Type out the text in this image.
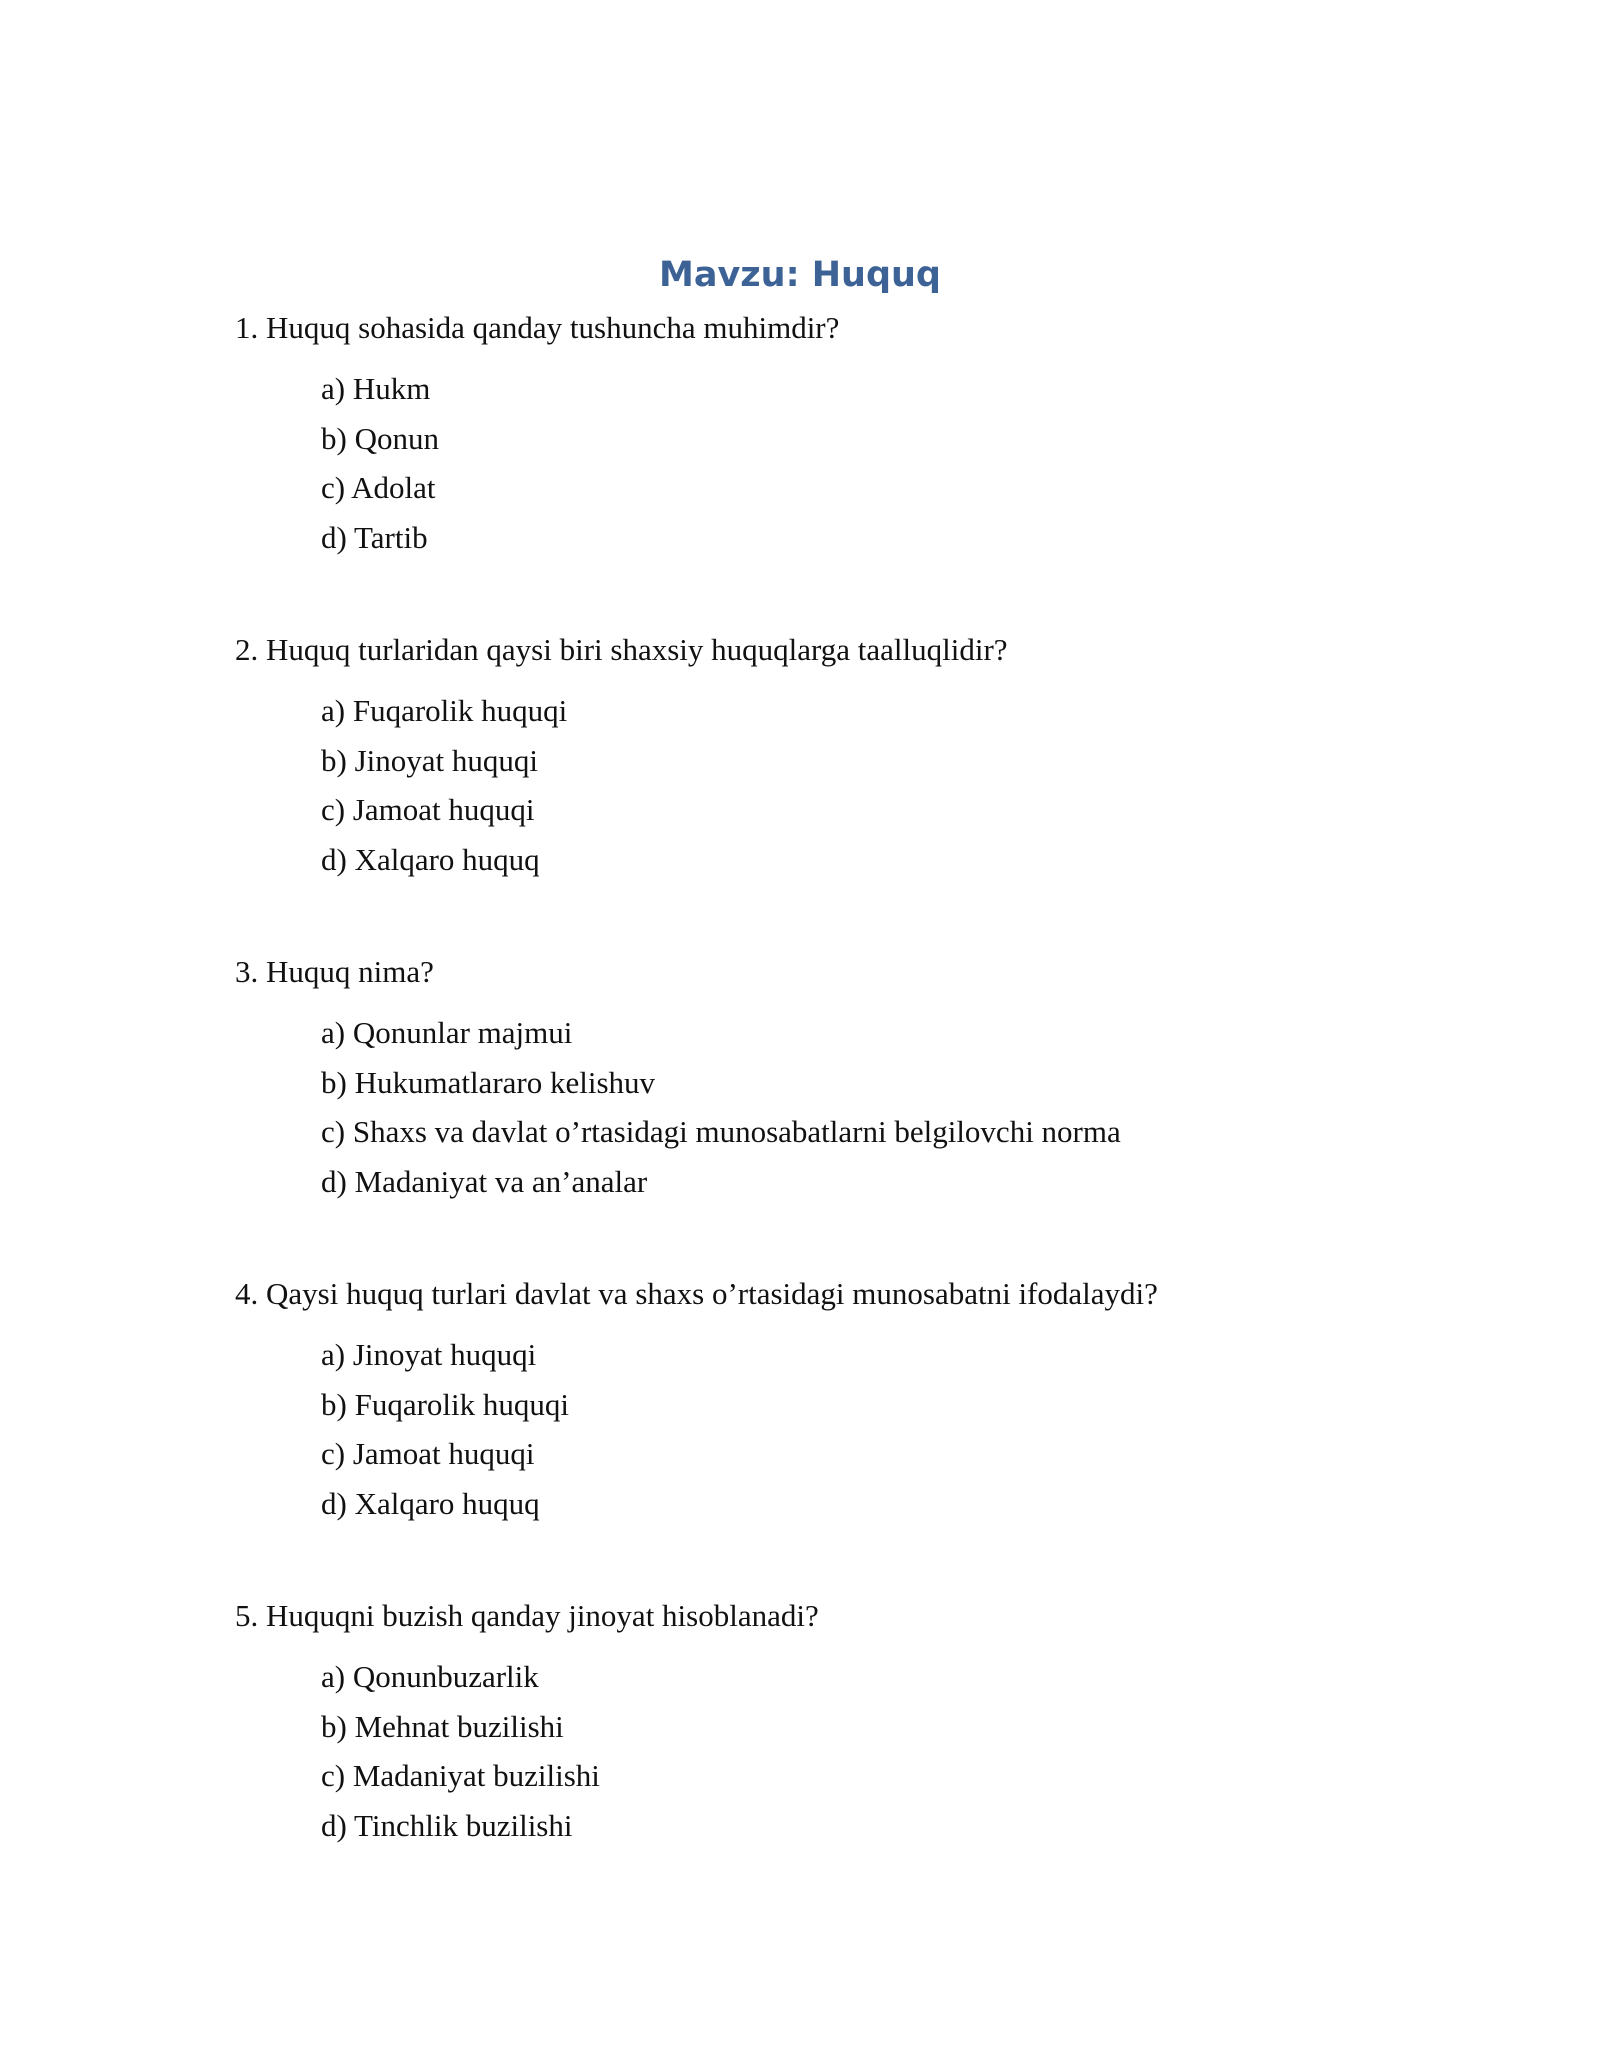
Mavzu: Huquq

1. Huquq sohasida qanday tushuncha muhimdir?

a) Hukm
b) Qonun
c) Adolat
d) Tartib

2. Huquq turlaridan qaysi biri shaxsiy huquqlarga taalluqlidir?

a) Fuqarolik huquqi
b) Jinoyat huquqi
c) Jamoat huquqi
d) Xalqaro huquq

3. Huquq nima?

a) Qonunlar majmui
b) Hukumatlararo kelishuv
c) Shaxs va davlat o’rtasidagi munosabatlarni belgilovchi norma
d) Madaniyat va an’analar

4. Qaysi huquq turlari davlat va shaxs o’rtasidagi munosabatni ifodalaydi?

a) Jinoyat huquqi
b) Fuqarolik huquqi
c) Jamoat huquqi
d) Xalqaro huquq

5. Huquqni buzish qanday jinoyat hisoblanadi?

a) Qonunbuzarlik
b) Mehnat buzilishi
c) Madaniyat buzilishi
d) Tinchlik buzilishi
